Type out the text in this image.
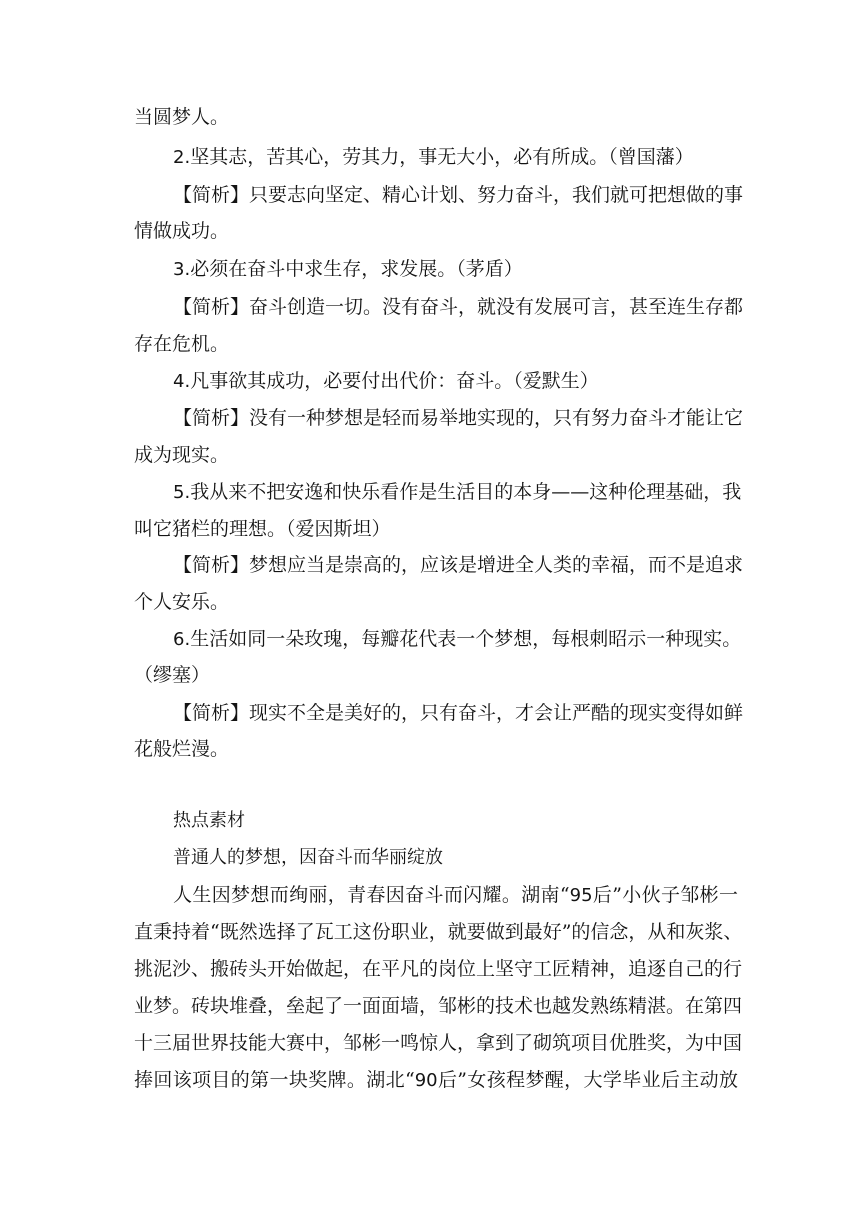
当圆梦人。
2.坚其志，苦其心，劳其力，事无大小，必有所成。（曾国藩）
【简析】只要志向坚定、精心计划、努力奋斗，我们就可把想做的事
情做成功。
3.必须在奋斗中求生存，求发展。（茅盾）
【简析】奋斗创造一切。没有奋斗，就没有发展可言，甚至连生存都
存在危机。
4.凡事欲其成功，必要付出代价：奋斗。（爱默生）
【简析】没有一种梦想是轻而易举地实现的，只有努力奋斗才能让它
成为现实。
5.我从来不把安逸和快乐看作是生活目的本身——这种伦理基础，我
叫它猪栏的理想。（爱因斯坦）
【简析】梦想应当是崇高的，应该是增进全人类的幸福，而不是追求
个人安乐。
6.生活如同一朵玫瑰，每瓣花代表一个梦想，每根刺昭示一种现实。
（缪塞）
【简析】现实不全是美好的，只有奋斗，才会让严酷的现实变得如鲜
花般烂漫。
热点素材
普通人的梦想，因奋斗而华丽绽放
人生因梦想而绚丽，青春因奋斗而闪耀。湖南“95后”小伙子邹彬一
直秉持着“既然选择了瓦工这份职业，就要做到最好”的信念，从和灰浆、
挑泥沙、搬砖头开始做起，在平凡的岗位上坚守工匠精神，追逐自己的行
业梦。砖块堆叠，垒起了一面面墙，邹彬的技术也越发熟练精湛。在第四
十三届世界技能大赛中，邹彬一鸣惊人，拿到了砌筑项目优胜奖，为中国
捧回该项目的第一块奖牌。湖北“90后”女孩程梦醒，大学毕业后主动放
